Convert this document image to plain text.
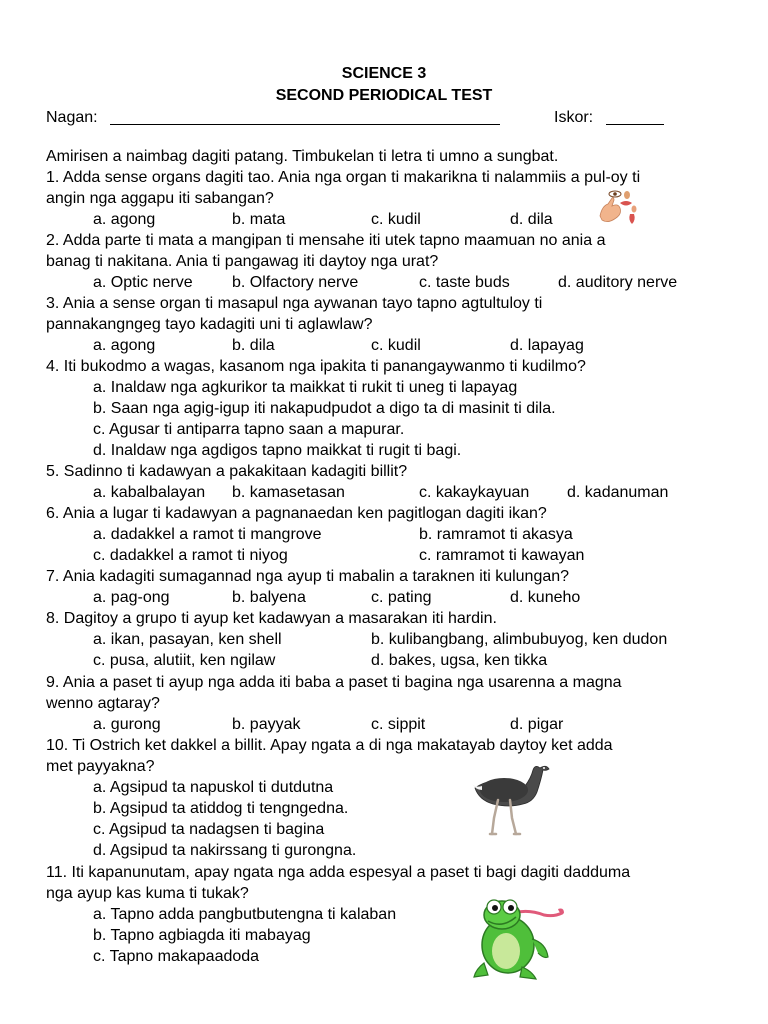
SCIENCE 3
SECOND PERIODICAL TEST
Nagan:	Iskor:
Amirisen a naimbag dagiti patang. Timbukelan ti letra ti umno a sungbat.
1. Adda sense organs dagiti tao. Ania nga organ ti makarikna ti nalammiis a pul-oy ti
angin nga aggapu iti sabangan?
a. agong	b. mata	c. kudil	d. dila
2. Adda parte ti mata a mangipan ti mensahe iti utek tapno maamuan no ania a
banag ti nakitana. Ania ti pangawag iti daytoy nga urat?
a. Optic nerve b. Olfactory nerve	c. taste buds	d. auditory nerve
3. Ania a sense organ ti masapul nga aywanan tayo tapno agtultuloy ti
pannakangngeg tayo kadagiti uni ti aglawlaw?
a. agong	b. dila	c. kudil	d. lapayag
4. Iti bukodmo a wagas, kasanom nga ipakita ti panangaywanmo ti kudilmo?
a. Inaldaw nga agkurikor ta maikkat ti rukit ti uneg ti lapayag
b. Saan nga agig-igup iti nakapudpudot a digo ta di masinit ti dila.
c. Agusar ti antiparra tapno saan a mapurar.
d. Inaldaw nga agdigos tapno maikkat ti rugit ti bagi.
5. Sadinno ti kadawyan a pakakitaan kadagiti billit?
a. kabalbalayan b. kamasetasan	c. kakaykayuan d. kadanuman
6. Ania a lugar ti kadawyan a pagnanaedan ken pagitlogan dagiti ikan?
a. dadakkel a ramot ti mangrove	b. ramramot ti akasya
c. dadakkel a ramot ti niyog	c. ramramot ti kawayan
7. Ania kadagiti sumagannad nga ayup ti mabalin a taraknen iti kulungan?
a. pag-ong	b. balyena	c. pating	d. kuneho
8. Dagitoy a grupo ti ayup ket kadawyan a masarakan iti hardin.
a. ikan, pasayan, ken shell	b. kulibangbang, alimbubuyog, ken dudon
c. pusa, alutiit, ken ngilaw	d. bakes, ugsa, ken tikka
9. Ania a paset ti ayup nga adda iti baba a paset ti bagina nga usarenna a magna
wenno agtaray?
a. gurong	b. payyak	c. sippit	d. pigar
10. Ti Ostrich ket dakkel a billit. Apay ngata a di nga makatayab daytoy ket adda
met payyakna?
a. Agsipud ta napuskol ti dutdutna
b. Agsipud ta atiddog ti tengngedna.
c. Agsipud ta nadagsen ti bagina
d. Agsipud ta nakirssang ti gurongna.
11. Iti kapanunutam, apay ngata nga adda espesyal a paset ti bagi dagiti dadduma
nga ayup kas kuma ti tukak?
a. Tapno adda pangbutbutengna ti kalaban
b. Tapno agbiagda iti mabayag
c. Tapno makapaadoda
